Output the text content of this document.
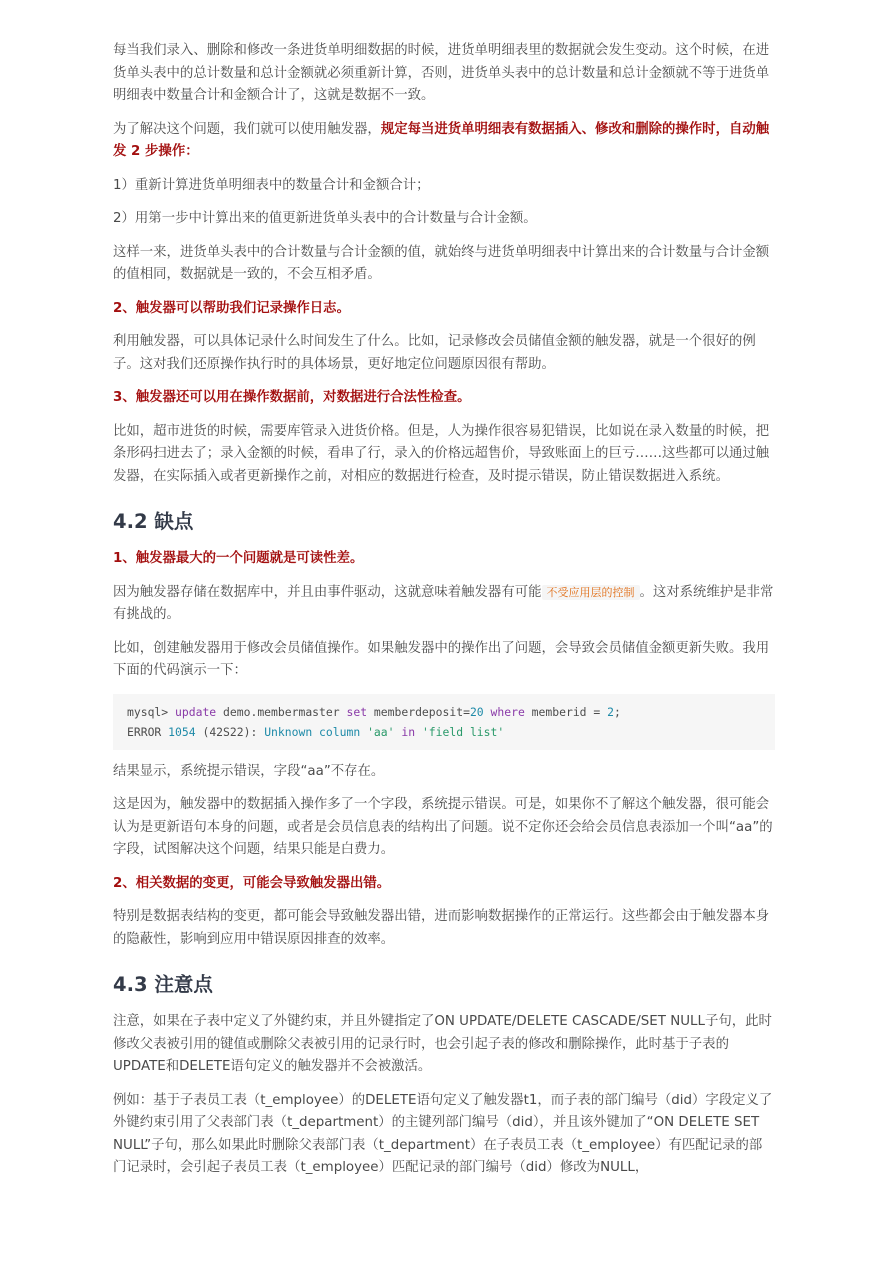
每当我们录入、删除和修改一条进货单明细数据的时候，进货单明细表里的数据就会发生变动。这个时候，在进货单头表中的总计数量和总计金额就必须重新计算，否则，进货单头表中的总计数量和总计金额就不等于进货单明细表中数量合计和金额合计了，这就是数据不一致。

为了解决这个问题，我们就可以使用触发器，规定每当进货单明细表有数据插入、修改和删除的操作时，自动触发 2 步操作：

1）重新计算进货单明细表中的数量合计和金额合计；

2）用第一步中计算出来的值更新进货单头表中的合计数量与合计金额。

这样一来，进货单头表中的合计数量与合计金额的值，就始终与进货单明细表中计算出来的合计数量与合计金额的值相同，数据就是一致的，不会互相矛盾。

2、触发器可以帮助我们记录操作日志。

利用触发器，可以具体记录什么时间发生了什么。比如，记录修改会员储值金额的触发器，就是一个很好的例子。这对我们还原操作执行时的具体场景，更好地定位问题原因很有帮助。

3、触发器还可以用在操作数据前，对数据进行合法性检查。

比如，超市进货的时候，需要库管录入进货价格。但是，人为操作很容易犯错误，比如说在录入数量的时候，把条形码扫进去了；录入金额的时候，看串了行，录入的价格远超售价，导致账面上的巨亏……这些都可以通过触发器，在实际插入或者更新操作之前，对相应的数据进行检查，及时提示错误，防止错误数据进入系统。

4.2 缺点
1、触发器最大的一个问题就是可读性差。

因为触发器存储在数据库中，并且由事件驱动，这就意味着触发器有可能 不受应用层的控制 。这对系统维护是非常有挑战的。

比如，创建触发器用于修改会员储值操作。如果触发器中的操作出了问题，会导致会员储值金额更新失败。我用下面的代码演示一下：

mysql> update demo.membermaster set memberdeposit=20 where memberid = 2;
ERROR 1054 (42S22): Unknown column 'aa' in 'field list'

结果显示，系统提示错误，字段“aa”不存在。

这是因为，触发器中的数据插入操作多了一个字段，系统提示错误。可是，如果你不了解这个触发器，很可能会认为是更新语句本身的问题，或者是会员信息表的结构出了问题。说不定你还会给会员信息表添加一个叫“aa”的字段，试图解决这个问题，结果只能是白费力。

2、相关数据的变更，可能会导致触发器出错。

特别是数据表结构的变更，都可能会导致触发器出错，进而影响数据操作的正常运行。这些都会由于触发器本身的隐蔽性，影响到应用中错误原因排查的效率。

4.3 注意点

注意，如果在子表中定义了外键约束，并且外键指定了ON UPDATE/DELETE CASCADE/SET NULL子句，此时修改父表被引用的键值或删除父表被引用的记录行时，也会引起子表的修改和删除操作，此时基于子表的UPDATE和DELETE语句定义的触发器并不会被激活。

例如：基于子表员工表（t_employee）的DELETE语句定义了触发器t1，而子表的部门编号（did）字段定义了外键约束引用了父表部门表（t_department）的主键列部门编号（did），并且该外键加了“ON DELETE SET NULL”子句，那么如果此时删除父表部门表（t_department）在子表员工表（t_employee）有匹配记录的部门记录时，会引起子表员工表（t_employee）匹配记录的部门编号（did）修改为NULL，
